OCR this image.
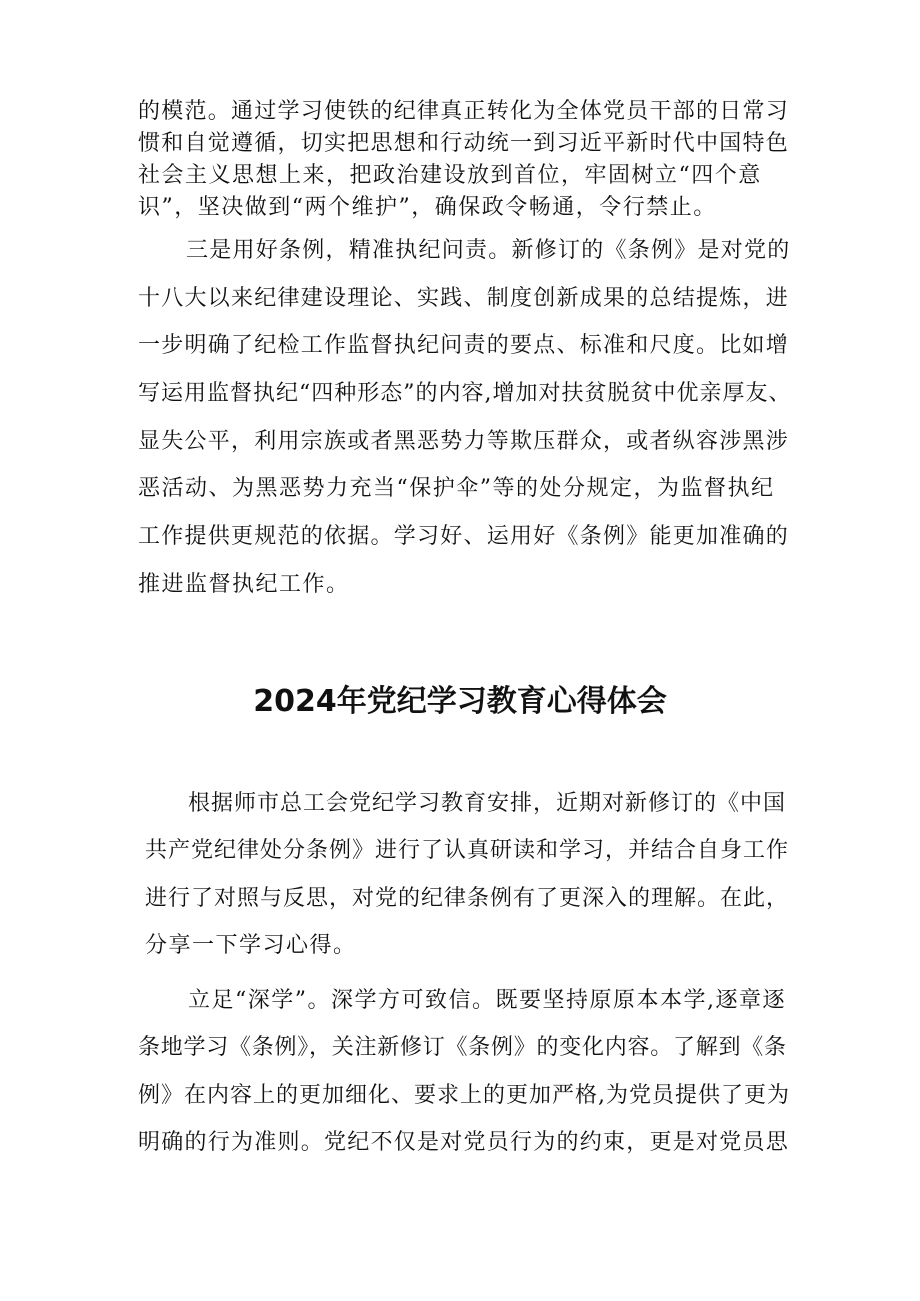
的模范。通过学习使铁的纪律真正转化为全体党员干部的日常习

惯和自觉遵循，切实把思想和行动统一到习近平新时代中国特色

社会主义思想上来，把政治建设放到首位，牢固树立“四个意

识”，坚决做到“两个维护”，确保政令畅通，令行禁止。

三是用好条例，精准执纪问责。新修订的《条例》是对党的

十八大以来纪律建设理论、实践、制度创新成果的总结提炼，进

一步明确了纪检工作监督执纪问责的要点、标准和尺度。比如增

写运用监督执纪“四种形态”的内容,增加对扶贫脱贫中优亲厚友、

显失公平，利用宗族或者黑恶势力等欺压群众，或者纵容涉黑涉

恶活动、为黑恶势力充当“保护伞”等的处分规定，为监督执纪

工作提供更规范的依据。学习好、运用好《条例》能更加准确的

推进监督执纪工作。

2024年党纪学习教育心得体会

根据师市总工会党纪学习教育安排，近期对新修订的《中国

共产党纪律处分条例》进行了认真研读和学习，并结合自身工作

进行了对照与反思，对党的纪律条例有了更深入的理解。在此，

分享一下学习心得。

立足“深学”。深学方可致信。既要坚持原原本本学,逐章逐

条地学习《条例》，关注新修订《条例》的变化内容。了解到《条

例》在内容上的更加细化、要求上的更加严格,为党员提供了更为

明确的行为准则。党纪不仅是对党员行为的约束，更是对党员思
